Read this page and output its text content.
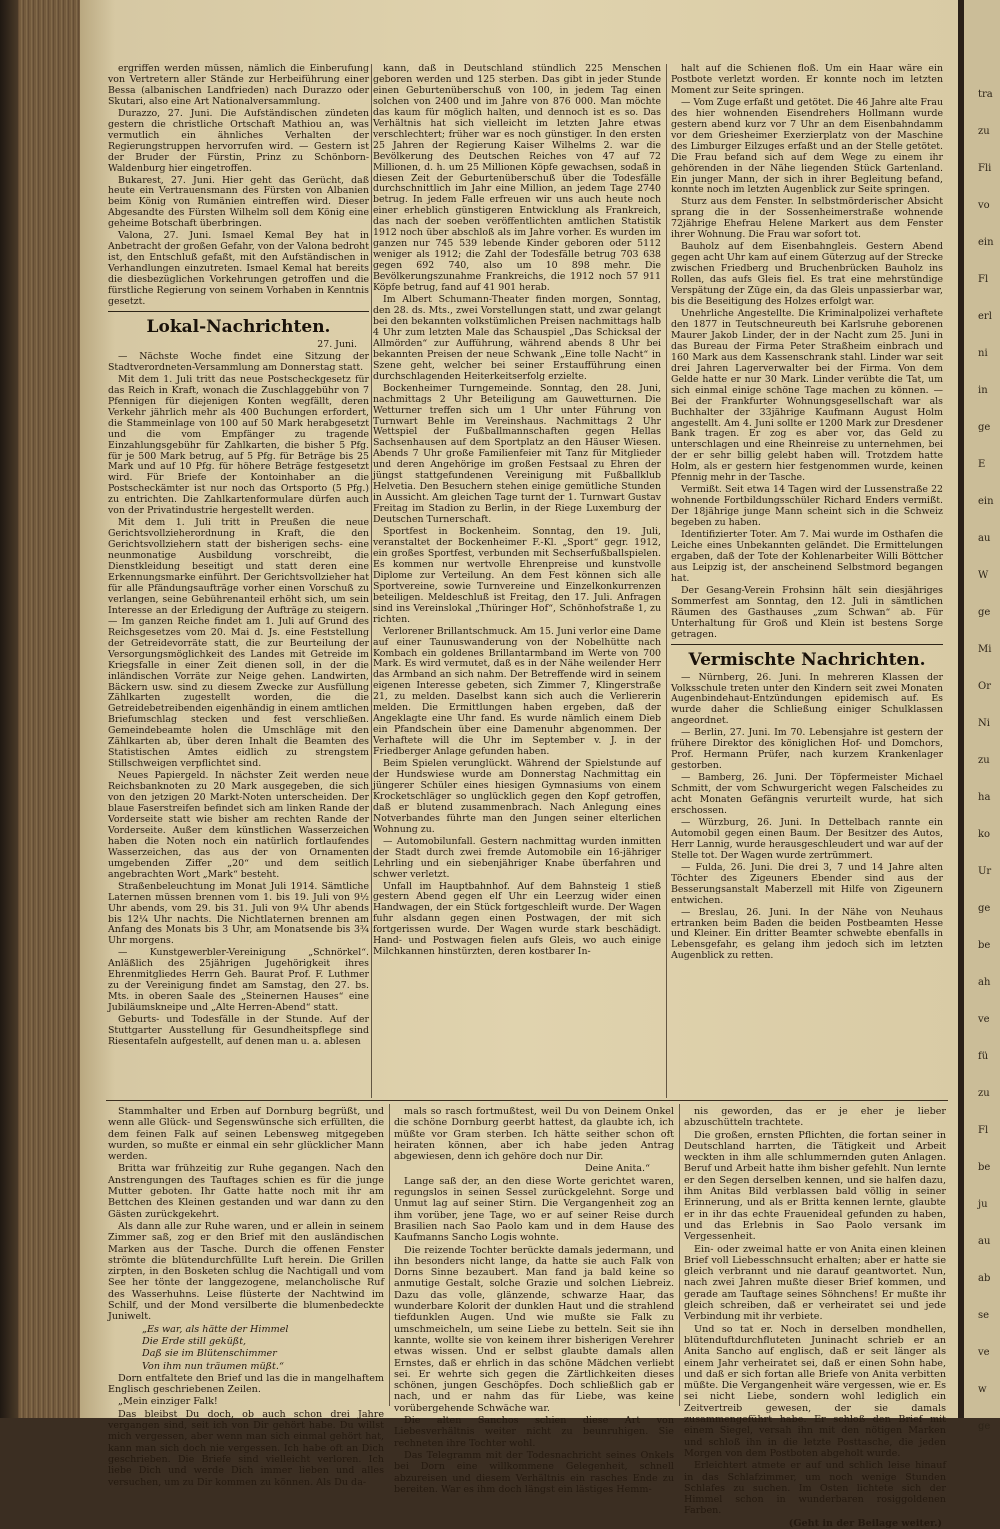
tra
zu
Fli
vo
ein
Fl
erl
ni
in
ge
E
ein
au
W
ge
Mi
Or
Ni
zu
ha
ko
Ur
ge
be
ah
ve
fü
zu
Fl
be
ju
au
ab
se
ve
w
ge

ergriffen werden müssen, nämlich die Einberufung von Vertretern aller Stände zur Herbeiführung einer Bessa (albanischen Landfrieden) nach Durazzo oder Skutari, also eine Art Nationalversammlung.

Durazzo, 27. Juni. Die Aufständischen zündeten gestern die christliche Ortschaft Mathiou an, was vermutlich ein ähnliches Verhalten der Regierungstruppen hervorrufen wird. — Gestern ist der Bruder der Fürstin, Prinz zu Schönborn-Waldenburg hier eingetroffen.

Bukarest, 27. Juni. Hier geht das Gerücht, daß heute ein Vertrauensmann des Fürsten von Albanien beim König von Rumänien eintreffen wird. Dieser Abgesandte des Fürsten Wilhelm soll dem König eine geheime Botschaft überbringen.

Valona, 27. Juni. Ismael Kemal Bey hat in Anbetracht der großen Gefahr, von der Valona bedroht ist, den Entschluß gefaßt, mit den Aufständischen in Verhandlungen einzutreten. Ismael Kemal hat bereits die diesbezüglichen Vorkehrungen getroffen und die fürstliche Regierung von seinem Vorhaben in Kenntnis gesetzt.

Lokal-Nachrichten.

27. Juni.

— Nächste Woche findet eine Sitzung der Stadtverordneten-Versammlung am Donnerstag statt.

Mit dem 1. Juli tritt das neue Postscheckgesetz für das Reich in Kraft, wonach die Zuschlaggebühr von 7 Pfennigen für diejenigen Konten wegfällt, deren Verkehr jährlich mehr als 400 Buchungen erfordert, die Stammeinlage von 100 auf 50 Mark herabgesetzt und die vom Empfänger zu tragende Einzahlungsgebühr für Zahlkarten, die bisher 5 Pfg. für je 500 Mark betrug, auf 5 Pfg. für Beträge bis 25 Mark und auf 10 Pfg. für höhere Beträge festgesetzt wird. Für Briefe der Kontoinhaber an die Postscheckämter ist nur noch das Ortsporto (5 Pfg.) zu entrichten. Die Zahlkartenformulare dürfen auch von der Privatindustrie hergestellt werden.

Mit dem 1. Juli tritt in Preußen die neue Gerichtsvollzieherordnung in Kraft, die den Gerichtsvollziehern statt der bisherigen sechs- eine neunmonatige Ausbildung vorschreibt, die Dienstkleidung beseitigt und statt deren eine Erkennungsmarke einführt. Der Gerichtsvollzieher hat für alle Pfändungsaufträge vorher einen Vorschuß zu verlangen, seine Gebührenanteil erhöht sich, um sein Interesse an der Erledigung der Aufträge zu steigern. — Im ganzen Reiche findet am 1. Juli auf Grund des Reichsgesetzes vom 20. Mai d. Js. eine Feststellung der Getreidevorräte statt, die zur Beurteilung der Versorgungsmöglichkeit des Landes mit Getreide im Kriegsfalle in einer Zeit dienen soll, in der die inländischen Vorräte zur Neige gehen. Landwirten, Bäckern usw. sind zu diesem Zwecke zur Ausfüllung Zählkarten zugestellt worden, die die Getreidebetreibenden eigenhändig in einem amtlichen Briefumschlag stecken und fest verschließen. Gemeindebeamte holen die Umschläge mit den Zählkarten ab, über deren Inhalt die Beamten des Statistischen Amtes eidlich zu strengstem Stillschweigen verpflichtet sind.

Neues Papiergeld. In nächster Zeit werden neue Reichsbanknoten zu 20 Mark ausgegeben, die sich von den jetzigen 20 Markt-Noten unterscheiden. Der blaue Faserstreifen befindet sich am linken Rande der Vorderseite statt wie bisher am rechten Rande der Vorderseite. Außer dem künstlichen Wasserzeichen haben die Noten noch ein natürlich fortlaufendes Wasserzeichen, das aus der von Ornamenten umgebenden Ziffer „20“ und dem seitlich angebrachten Wort „Mark“ besteht.

Straßenbeleuchtung im Monat Juli 1914. Sämtliche Laternen müssen brennen vom 1. bis 19. Juli von 9½ Uhr abends, vom 29. bis 31. Juli von 9¼ Uhr abends bis 12¼ Uhr nachts. Die Nichtlaternen brennen am Anfang des Monats bis 3 Uhr, am Monatsende bis 3¾ Uhr morgens.

— Kunstgewerbler-Vereinigung „Schnörkel“. Anläßlich des 25jährigen Jugehörigkeit ihres Ehrenmitgliedes Herrn Geh. Baurat Prof. F. Luthmer zu der Vereinigung findet am Samstag, den 27. bs. Mts. in oberen Saale des „Steinernen Hauses“ eine Jubiläumskneipe und „Alte Herren-Abend“ statt.

Geburts- und Todesfälle in der Stunde. Auf der Stuttgarter Ausstellung für Gesundheitspflege sind Riesentafeln aufgestellt, auf denen man u. a. ablesen

kann, daß in Deutschland stündlich 225 Menschen geboren werden und 125 sterben. Das gibt in jeder Stunde einen Geburtenüberschuß von 100, in jedem Tag einen solchen von 2400 und im Jahre von 876 000. Man möchte das kaum für möglich halten, und dennoch ist es so. Das Verhältnis hat sich vielleicht im letzten Jahre etwas verschlechtert; früher war es noch günstiger. In den ersten 25 Jahren der Regierung Kaiser Wilhelms 2. war die Bevölkerung des Deutschen Reiches von 47 auf 72 Millionen, d. h. um 25 Millionen Köpfe gewachsen, sodaß in diesen Zeit der Geburtenüberschuß über die Todesfälle durchschnittlich im Jahr eine Million, an jedem Tage 2740 betrug. In jedem Falle erfreuen wir uns auch heute noch einer erheblich günstigeren Entwicklung als Frankreich, das nach der soeben veröffentlichten amtlichen Statistik 1912 noch über abschloß als im Jahre vorher. Es wurden im ganzen nur 745 539 lebende Kinder geboren oder 5112 weniger als 1912; die Zahl der Todesfälle betrug 703 638 gegen 692 740, also um 10 898 mehr. Die Bevölkerungszunahme Frankreichs, die 1912 noch 57 911 Köpfe betrug, fand auf 41 901 herab.

Im Albert Schumann-Theater finden morgen, Sonntag, den 28. ds. Mts., zwei Vorstellungen statt, und zwar gelangt bei den bekannten volkstümlichen Preisen nachmittags halb 4 Uhr zum letzten Male das Schauspiel „Das Schicksal der Allmörden“ zur Aufführung, während abends 8 Uhr bei bekannten Preisen der neue Schwank „Eine tolle Nacht“ in Szene geht, welcher bei seiner Erstaufführung einen durchschlagenden Heiterkeitserfolg erzielte.

Bockenheimer Turngemeinde. Sonntag, den 28. Juni, nachmittags 2 Uhr Beteiligung am Gauwetturnen. Die Wetturner treffen sich um 1 Uhr unter Führung von Turnwart Behle im Vereinshaus. Nachmittags 2 Uhr Wettspiel der Fußballmannschaften gegen Hellas Sachsenhausen auf dem Sportplatz an den Häuser Wiesen. Abends 7 Uhr große Familienfeier mit Tanz für Mitglieder und deren Angehörige im großen Festsaal zu Ehren der jüngst stattgefundenen Vereinigung mit Fußballklub Helvetia. Den Besuchern stehen einige gemütliche Stunden in Aussicht. Am gleichen Tage turnt der 1. Turnwart Gustav Freitag im Stadion zu Berlin, in der Riege Luxemburg der Deutschen Turnerschaft.

Sportfest in Bockenheim. Sonntag, den 19. Juli, veranstaltet der Bockenheimer F.-Kl. „Sport“ gegr. 1912, ein großes Sportfest, verbunden mit Sechserfußballspielen. Es kommen nur wertvolle Ehrenpreise und kunstvolle Diplome zur Verteilung. An dem Fest können sich alle Sportvereine, sowie Turnvereine und Einzelkonkurrenzen beteiligen. Meldeschluß ist Freitag, den 17. Juli. Anfragen sind ins Vereinslokal „Thüringer Hof“, Schönhofstraße 1, zu richten.

Verlorener Brillantschmuck. Am 15. Juni verlor eine Dame auf einer Taunuswanderung von der Nobelhütte nach Kombach ein goldenes Brillantarmband im Werte von 700 Mark. Es wird vermutet, daß es in der Nähe weilender Herr das Armband an sich nahm. Der Betreffende wird in seinem eigenen Interesse gebeten, sich Zimmer 7, Klingerstraße 21, zu melden. Daselbst kann sich auch die Verliererin melden. Die Ermittlungen haben ergeben, daß der Angeklagte eine Uhr fand. Es wurde nämlich einem Dieb ein Pfandschein über eine Damenuhr abgenommen. Der Verhaftete will die Uhr im September v. J. in der Friedberger Anlage gefunden haben.

Beim Spielen verunglückt. Während der Spielstunde auf der Hundswiese wurde am Donnerstag Nachmittag ein jüngerer Schüler eines hiesigen Gymnasiums von einem Krocketschläger so unglücklich gegen den Kopf getroffen, daß er blutend zusammenbrach. Nach Anlegung eines Notverbandes führte man den Jungen seiner elterlichen Wohnung zu.

— Automobilunfall. Gestern nachmittag wurden inmitten der Stadt durch zwei fremde Automobile ein 16-jähriger Lehrling und ein siebenjähriger Knabe überfahren und schwer verletzt.

Unfall im Hauptbahnhof. Auf dem Bahnsteig 1 stieß gestern Abend gegen elf Uhr ein Leerzug wider einen Handwagen, der ein Stück fortgeschleift wurde. Der Wagen fuhr alsdann gegen einen Postwagen, der mit sich fortgerissen wurde. Der Wagen wurde stark beschädigt. Hand- und Postwagen fielen aufs Gleis, wo auch einige Milchkannen hinstürzten, deren kostbarer In-

halt auf die Schienen floß. Um ein Haar wäre ein Postbote verletzt worden. Er konnte noch im letzten Moment zur Seite springen.

— Vom Zuge erfaßt und getötet. Die 46 Jahre alte Frau des hier wohnenden Eisendrehers Hollmann wurde gestern abend kurz vor 7 Uhr an dem Eisenbahndamm vor dem Griesheimer Exerzierplatz von der Maschine des Limburger Eilzuges erfaßt und an der Stelle getötet. Die Frau befand sich auf dem Wege zu einem ihr gehörenden in der Nähe liegenden Stück Gartenland. Ein junger Mann, der sich in ihrer Begleitung befand, konnte noch im letzten Augenblick zur Seite springen.

Sturz aus dem Fenster. In selbstmörderischer Absicht sprang die in der Sossenheimerstraße wohnende 72jährige Ehefrau Helene Markert aus dem Fenster ihrer Wohnung. Die Frau war sofort tot.

Bauholz auf dem Eisenbahngleis. Gestern Abend gegen acht Uhr kam auf einem Güterzug auf der Strecke zwischen Friedberg und Bruchenbrücken Bauholz ins Rollen, das aufs Gleis fiel. Es trat eine mehrstündige Verspätung der Züge ein, da das Gleis unpassierbar war, bis die Beseitigung des Holzes erfolgt war.

Unehrliche Angestellte. Die Kriminalpolizei verhaftete den 1877 in Teutschneureuth bei Karlsruhe geborenen Maurer Jakob Linder, der in der Nacht zum 25. Juni in das Bureau der Firma Peter Straßheim einbrach und 160 Mark aus dem Kassenschrank stahl. Linder war seit drei Jahren Lagerverwalter bei der Firma. Von dem Gelde hatte er nur 30 Mark. Linder verübte die Tat, um sich einmal einige schöne Tage machen zu können. — Bei der Frankfurter Wohnungsgesellschaft war als Buchhalter der 33jährige Kaufmann August Holm angestellt. Am 4. Juni sollte er 1200 Mark zur Dresdener Bank tragen. Er zog es aber vor, das Geld zu unterschlagen und eine Rheinreise zu unternehmen, bei der er sehr billig gelebt haben will. Trotzdem hatte Holm, als er gestern hier festgenommen wurde, keinen Pfennig mehr in der Tasche.

Vermißt. Seit etwa 14 Tagen wird der Lussenstraße 22 wohnende Fortbildungsschüler Richard Enders vermißt. Der 18jährige junge Mann scheint sich in die Schweiz begeben zu haben.

Identifizierter Toter. Am 7. Mai wurde im Osthafen die Leiche eines Unbekannten geländet. Die Ermittelungen ergaben, daß der Tote der Kohlenarbeiter Willi Böttcher aus Leipzig ist, der anscheinend Selbstmord begangen hat.

Der Gesang-Verein Frohsinn hält sein diesjähriges Sommerfest am Sonntag, den 12. Juli in sämtlichen Räumen des Gasthauses „zum Schwan“ ab. Für Unterhaltung für Groß und Klein ist bestens Sorge getragen.

Vermischte Nachrichten.

— Nürnberg, 26. Juni. In mehreren Klassen der Volksschule treten unter den Kindern seit zwei Monaten Augenbindehaut-Entzündungen epidemisch auf. Es wurde daher die Schließung einiger Schulklassen angeordnet.

— Berlin, 27. Juni. Im 70. Lebensjahre ist gestern der frühere Direktor des königlichen Hof- und Domchors, Prof. Hermann Prüfer, nach kurzem Krankenlager gestorben.

— Bamberg, 26. Juni. Der Töpfermeister Michael Schmitt, der vom Schwurgericht wegen Falscheides zu acht Monaten Gefängnis verurteilt wurde, hat sich erschossen.

— Würzburg, 26. Juni. In Dettelbach rannte ein Automobil gegen einen Baum. Der Besitzer des Autos, Herr Lannig, wurde herausgeschleudert und war auf der Stelle tot. Der Wagen wurde zertrümmert.

— Fulda, 26. Juni. Die drei 3, 7 und 14 Jahre alten Töchter des Zigeuners Ebender sind aus der Besserungsanstalt Maberzell mit Hilfe von Zigeunern entwichen.

— Breslau, 26. Juni. In der Nähe von Neuhaus ertranken beim Baden die beiden Postbeamten Hesse und Kleiner. Ein dritter Beamter schwebte ebenfalls in Lebensgefahr, es gelang ihm jedoch sich im letzten Augenblick zu retten.

Stammhalter und Erben auf Dornburg begrüßt, und wenn alle Glück- und Segenswünsche sich erfüllten, die dem feinen Falk auf seinen Lebensweg mitgegeben wurden, so mußte er einmal ein sehr glücklicher Mann werden.

Britta war frühzeitig zur Ruhe gegangen. Nach den Anstrengungen des Tauftages schien es für die junge Mutter geboten. Ihr Gatte hatte noch mit ihr am Bettchen des Kleinen gestanden und war dann zu den Gästen zurückgekehrt.

Als dann alle zur Ruhe waren, und er allein in seinem Zimmer saß, zog er den Brief mit den ausländischen Marken aus der Tasche. Durch die offenen Fenster strömte die blütendurchfüllte Luft herein. Die Grillen zirpten, in den Bosketen schlug die Nachtigall und vom See her tönte der langgezogene, melancholische Ruf des Wasserhuhns. Leise flüsterte der Nachtwind im Schilf, und der Mond versilberte die blumenbedeckte Juniwelt.

„Es war, als hätte der Himmel

Die Erde still geküßt,

Daß sie im Blütenschimmer

Von ihm nun träumen müßt.“

Dorn entfaltete den Brief und las die in mangelhaftem Englisch geschriebenen Zeilen.

„Mein einziger Falk!

Das bleibst Du doch, ob auch schon drei Jahre vergangen sind, seit ich von Dir gehört habe. Du willst mich vergessen, aber wenn man sich einmal gehört hat, kann man sich doch nie vergessen. Ich habe oft an Dich geschrieben. Die Briefe sind vielleicht verloren. Ich liebe Dich und werde Dich immer lieben und alles versuchen, um zu Dir kommen zu können. Als Du da-

mals so rasch fortmußtest, weil Du von Deinem Onkel die schöne Dornburg geerbt hattest, da glaubte ich, ich müßte vor Gram sterben. Ich hätte seither schon oft heiraten können, aber ich habe jeden Antrag abgewiesen, denn ich gehöre doch nur Dir.

Deine Anita.“

Lange saß der, an den diese Worte gerichtet waren, regungslos in seinen Sessel zurückgelehnt. Sorge und Unmut lag auf seiner Stirn. Die Vergangenheit zog an ihm vorüber, jene Tage, wo er auf seiner Reise durch Brasilien nach Sao Paolo kam und in dem Hause des Kaufmanns Sancho Logis wohnte.

Die reizende Tochter berückte damals jedermann, und ihn besonders nicht lange, da hatte sie auch Falk von Dorns Sinne bezaubert. Man fand ja bald keine so anmutige Gestalt, solche Grazie und solchen Liebreiz. Dazu das volle, glänzende, schwarze Haar, das wunderbare Kolorit der dunklen Haut und die strahlend tiefdunklen Augen. Und wie mußte sie Falk zu umschmeicheln, um seine Liebe zu betteln. Seit sie ihn kannte, wollte sie von keinem ihrer bisherigen Verehrer etwas wissen. Und er selbst glaubte damals allen Ernstes, daß er ehrlich in das schöne Mädchen verliebt sei. Er wehrte sich gegen die Zärtlichkeiten dieses schönen, jungen Geschöpfes. Doch schließlich gab er nach, und er nahm das für Liebe, was keine vorübergehende Schwäche war.

Die alten Sanchos schien diese Art von Liebesverhältnis weiter nicht zu beunruhigen. Sie rechneten ihre Tochter wohl.

Das Telegramm mit der Todesnachricht seines Onkels bei Dorn eine willkommene Gelegenheit, schnell abzureisen und diesem Verhältnis ein rasches Ende zu bereiten. War es ihm doch längst ein lästiges Hemm-

nis geworden, das er je eher je lieber abzuschütteln trachtete.

Die großen, ernsten Pflichten, die fortan seiner in Deutschland harrten, die Tätigkeit und Arbeit weckten in ihm alle schlummernden guten Anlagen. Beruf und Arbeit hatte ihm bisher gefehlt. Nun lernte er den Segen derselben kennen, und sie halfen dazu, ihm Anitas Bild verblassen bald völlig in seiner Erinnerung, und als er Britta kennen lernte, glaubte er in ihr das echte Frauenideal gefunden zu haben, und das Erlebnis in Sao Paolo versank im Vergessenheit.

Ein- oder zweimal hatte er von Anita einen kleinen Brief voll Liebesschnsucht erhalten; aber er hatte sie gleich verbrannt und nie darauf geantwortet. Nun, nach zwei Jahren mußte dieser Brief kommen, und gerade am Tauftage seines Söhnchens! Er mußte ihr gleich schreiben, daß er verheiratet sei und jede Verbindung mit ihr verbiete.

Und so tat er. Noch in derselben mondhellen, blütenduftdurchfluteten Juninacht schrieb er an Anita Sancho auf englisch, daß er seit länger als einem Jahr verheiratet sei, daß er einen Sohn habe, und daß er sich fortan alle Briefe von Anita verbitten müßte. Die Vergangenheit wäre vergessen, wie er. Es sei nicht Liebe, sondern wohl lediglich ein Zeitvertreib gewesen, der sie damals zusammengeführt habe. Er schloß den Brief mit einem Siegel, versah ihn mit den nötigen Marken und schloß ihn in die letzte Posttasche, die jeden Morgen von dem Postboten abgeholt wurde.

Erleichtert atmete er auf und schlich leise hinauf in das Schlafzimmer, um noch wenige Stunden Schlafes zu suchen. Im Osten lichtete sich der Himmel schon in wunderbaren rosiggoldenen Farben.

(Geht in der Beilage weiter.)
